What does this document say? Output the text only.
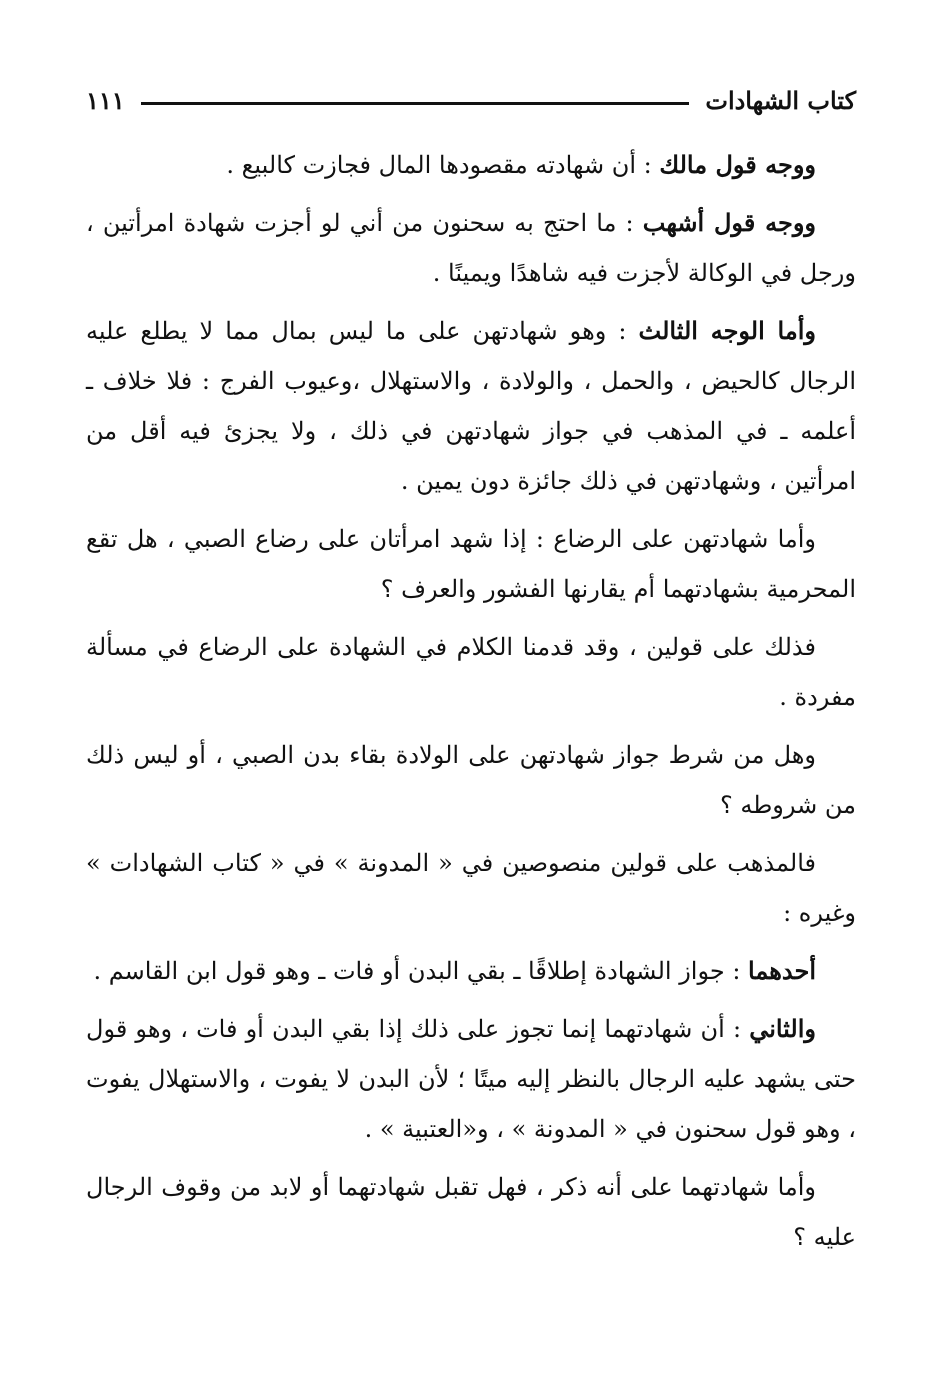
كتاب الشهادات
١١١

ووجه قول مالك : أن شهادته مقصودها المال فجازت كالبيع .

ووجه قول أشهب : ما احتج به سحنون من أني لو أجزت شهادة امرأتين ، ورجل في الوكالة لأجزت فيه شاهدًا ويمينًا .

وأما الوجه الثالث : وهو شهادتهن على ما ليس بمال مما لا يطلع عليه الرجال كالحيض ، والحمل ، والولادة ، والاستهلال ،وعيوب الفرج : فلا خلاف ـ أعلمه ـ في المذهب في جواز شهادتهن في ذلك ، ولا يجزئ فيه أقل من امرأتين ، وشهادتهن في ذلك جائزة دون يمين .

وأما شهادتهن على الرضاع : إذا شهد امرأتان على رضاع الصبي ، هل تقع المحرمية بشهادتهما أم يقارنها الفشور والعرف ؟

فذلك على قولين ، وقد قدمنا الكلام في الشهادة على الرضاع في مسألة مفردة .

وهل من شرط جواز شهادتهن على الولادة بقاء بدن الصبي ، أو ليس ذلك من شروطه ؟

فالمذهب على قولين منصوصين في « المدونة » في « كتاب الشهادات » وغيره :

أحدهما : جواز الشهادة إطلاقًا ـ بقي البدن أو فات ـ وهو قول ابن القاسم .

والثاني : أن شهادتهما إنما تجوز على ذلك إذا بقي البدن أو فات ، وهو قول حتى يشهد عليه الرجال بالنظر إليه ميتًا ؛ لأن البدن لا يفوت ، والاستهلال يفوت ، وهو قول سحنون في « المدونة » ، و«العتبية » .

وأما شهادتهما على أنه ذكر ، فهل تقبل شهادتهما أو لابد من وقوف الرجال عليه ؟
